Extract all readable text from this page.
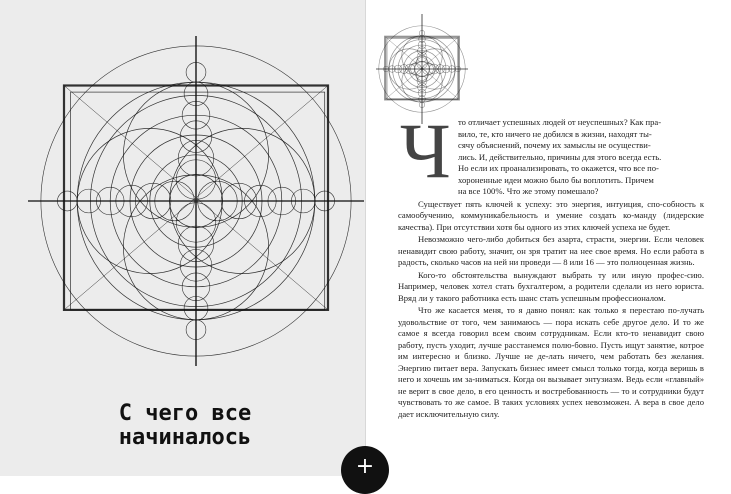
С чего все
начиналось
Ч то отличает успешных людей от неуспешных? Как пра-
вило, те, кто ничего не добился в жизни, находят ты-
сячу объяснений, почему их замыслы не осуществи-
лись. И, действительно, причины для этого всегда есть.
Но если их проанализировать, то окажется, что все по-
хороненные идеи можно было бы воплотить. Причем
на все 100%. Что же этому помешало?
Существует пять ключей к успеху: это энергия, интуиция, спо-собность к самообучению, коммуникабельность и умение создать ко-манду (лидерские качества). При отсутствии хотя бы одного из этих ключей успеха не будет.
Невозможно чего-либо добиться без азарта, страсти, энергии. Если человек ненавидит свою работу, значит, он зря тратит на нее свое время. Но если работа в радость, сколько часов на ней ни проведи — 8 или 16 — это полноценная жизнь.
Кого-то обстоятельства вынуждают выбрать ту или иную профес-сию. Например, человек хотел стать бухгалтером, а родители сделали из него юриста. Вряд ли у такого работника есть шанс стать успешным профессионалом.
Что же касается меня, то я давно понял: как только я перестаю по-лучать удовольствие от того, чем занимаюсь — пора искать себе другое дело. И то же самое я всегда говорил всем своим сотрудникам. Если кто-то ненавидит свою работу, пусть уходит, лучше расстанемся полю-бовно. Пусть ищут занятие, котрое им интересно и близко. Лучше не де-лать ничего, чем работать без желания. Энергию питает вера. Запускать бизнес имеет смысл только тогда, когда веришь в него и хочешь им за-ниматься. Когда он вызывает энтузиазм. Ведь если «главный» не верит в свое дело, в его ценность и востребованность — то и сотрудники будут чувствовать то же самое. В таких условиях успех невозможен. А вера в свое дело дает исключительную силу.
+
